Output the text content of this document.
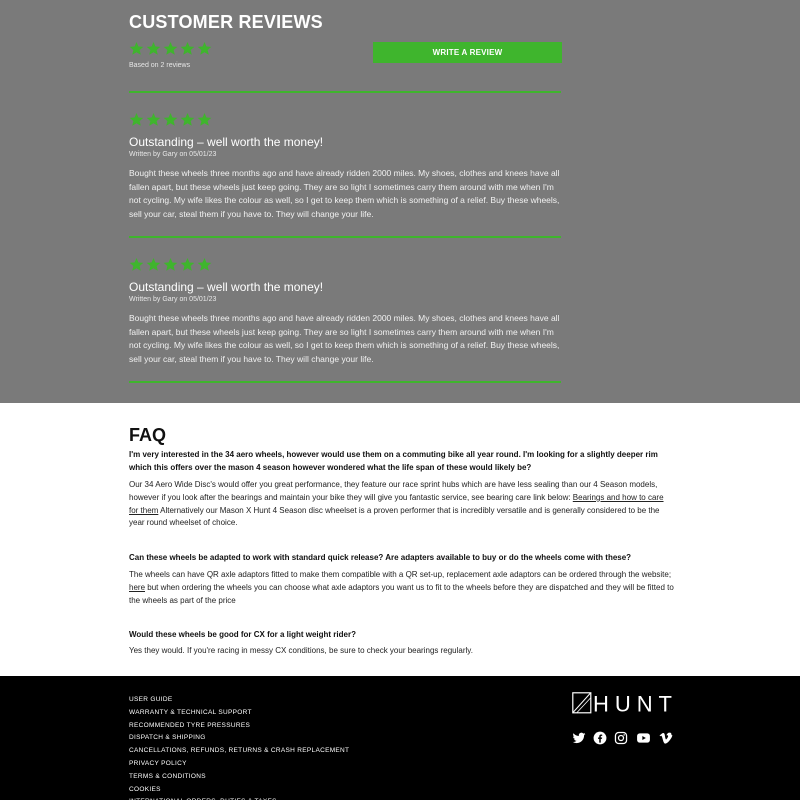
CUSTOMER REVIEWS
Based on 2 reviews
WRITE A REVIEW
Outstanding – well worth the money!
Written by Gary on 05/01/23

Bought these wheels three months ago and have already ridden 2000 miles. My shoes, clothes and knees have all fallen apart, but these wheels just keep going. They are so light I sometimes carry them around with me when I'm not cycling. My wife likes the colour as well, so I get to keep them which is something of a relief. Buy these wheels, sell your car, steal them if you have to. They will change your life.

Outstanding – well worth the money!
Written by Gary on 05/01/23

Bought these wheels three months ago and have already ridden 2000 miles. My shoes, clothes and knees have all fallen apart, but these wheels just keep going. They are so light I sometimes carry them around with me when I'm not cycling. My wife likes the colour as well, so I get to keep them which is something of a relief. Buy these wheels, sell your car, steal them if you have to. They will change your life.

FAQ

I'm very interested in the 34 aero wheels, however would use them on a commuting bike all year round. I'm looking for a slightly deeper rim which this offers over the mason 4 season however wondered what the life span of these would likely be?

Our 34 Aero Wide Disc's would offer you great performance, they feature our race sprint hubs which are have less sealing than our 4 Season models, however if you look after the bearings and maintain your bike they will give you fantastic service, see bearing care link below: Bearings and how to care for them Alternatively our Mason X Hunt 4 Season disc wheelset is a proven performer that is incredibly versatile and is generally considered to be the year round wheelset of choice.

Can these wheels be adapted to work with standard quick release? Are adapters available to buy or do the wheels come with these?

The wheels can have QR axle adaptors fitted to make them compatible with a QR set-up, replacement axle adaptors can be ordered through the website; here but when ordering the wheels you can choose what axle adaptors you want us to fit to the wheels before they are dispatched and they will be fitted to the wheels as part of the price

Would these wheels be good for CX for a light weight rider?

Yes they would. If you're racing in messy CX conditions, be sure to check your bearings regularly.

USER GUIDE
WARRANTY & TECHNICAL SUPPORT
RECOMMENDED TYRE PRESSURES
DISPATCH & SHIPPING
CANCELLATIONS, REFUNDS, RETURNS & CRASH REPLACEMENT
PRIVACY POLICY
TERMS & CONDITIONS
COOKIES
INTERNATIONAL ORDERS, DUTIES & TAXES
HUNT
